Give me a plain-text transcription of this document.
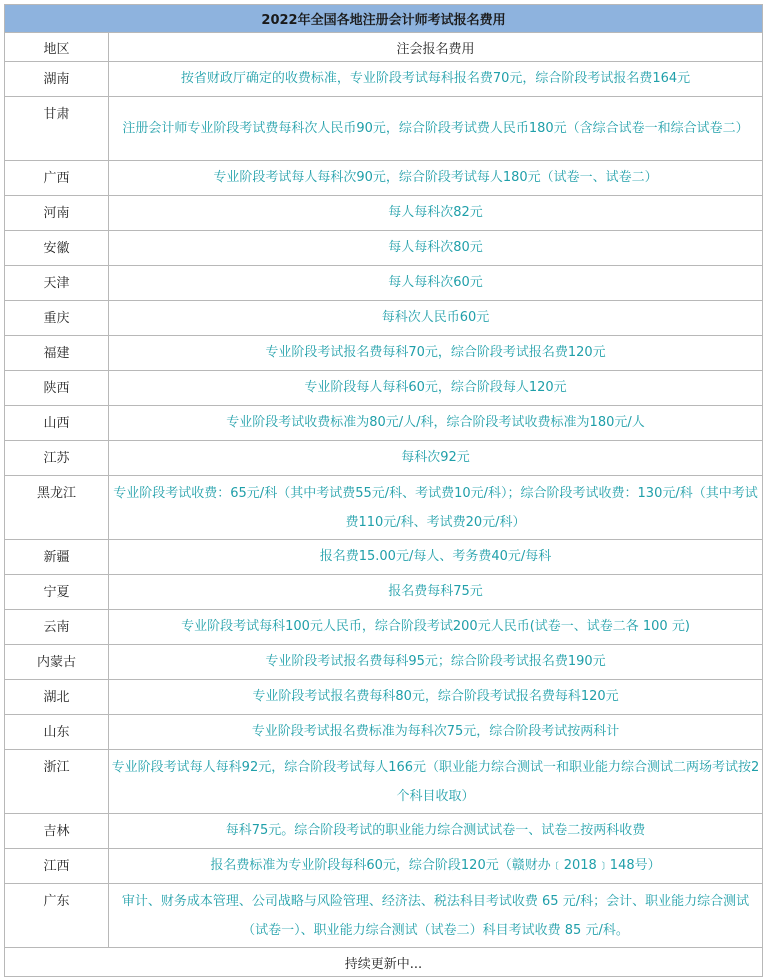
2022年全国各地注册会计师考试报名费用	
地区	注会报名费用
湖南	按省财政厅确定的收费标准，专业阶段考试每科报名费70元，综合阶段考试报名费164元
甘肃	注册会计师专业阶段考试费每科次人民币90元，综合阶段考试费人民币180元（含综合试卷一和综合试卷二）
广西	专业阶段考试每人每科次90元，综合阶段考试每人180元（试卷一、试卷二）
河南	每人每科次82元
安徽	每人每科次80元
天津	每人每科次60元
重庆	每科次人民币60元
福建	专业阶段考试报名费每科70元，综合阶段考试报名费120元
陕西	专业阶段每人每科60元，综合阶段每人120元
山西	专业阶段考试收费标准为80元/人/科，综合阶段考试收费标准为180元/人
江苏	每科次92元
黑龙江	专业阶段考试收费：65元/科（其中考试费55元/科、考试费10元/科）；综合阶段考试收费：130元/科（其中考试费110元/科、考试费20元/科）
新疆	报名费15.00元/每人、考务费40元/每科
宁夏	报名费每科75元
云南	专业阶段考试每科100元人民币，综合阶段考试200元人民币(试卷一、试卷二各 100 元)
内蒙古	专业阶段考试报名费每科95元；综合阶段考试报名费190元
湖北	专业阶段考试报名费每科80元，综合阶段考试报名费每科120元
山东	专业阶段考试报名费标准为每科次75元，综合阶段考试按两科计
浙江	专业阶段考试每人每科92元，综合阶段考试每人166元（职业能力综合测试一和职业能力综合测试二两场考试按2个科目收取）
吉林	每科75元。综合阶段考试的职业能力综合测试试卷一、试卷二按两科收费
江西	报名费标准为专业阶段每科60元，综合阶段120元（赣财办﹝2018﹞148号）
广东	审计、财务成本管理、公司战略与风险管理、经济法、税法科目考试收费 65 元/科；会计、职业能力综合测试（试卷一）、职业能力综合测试（试卷二）科目考试收费 85 元/科。
持续更新中...	
